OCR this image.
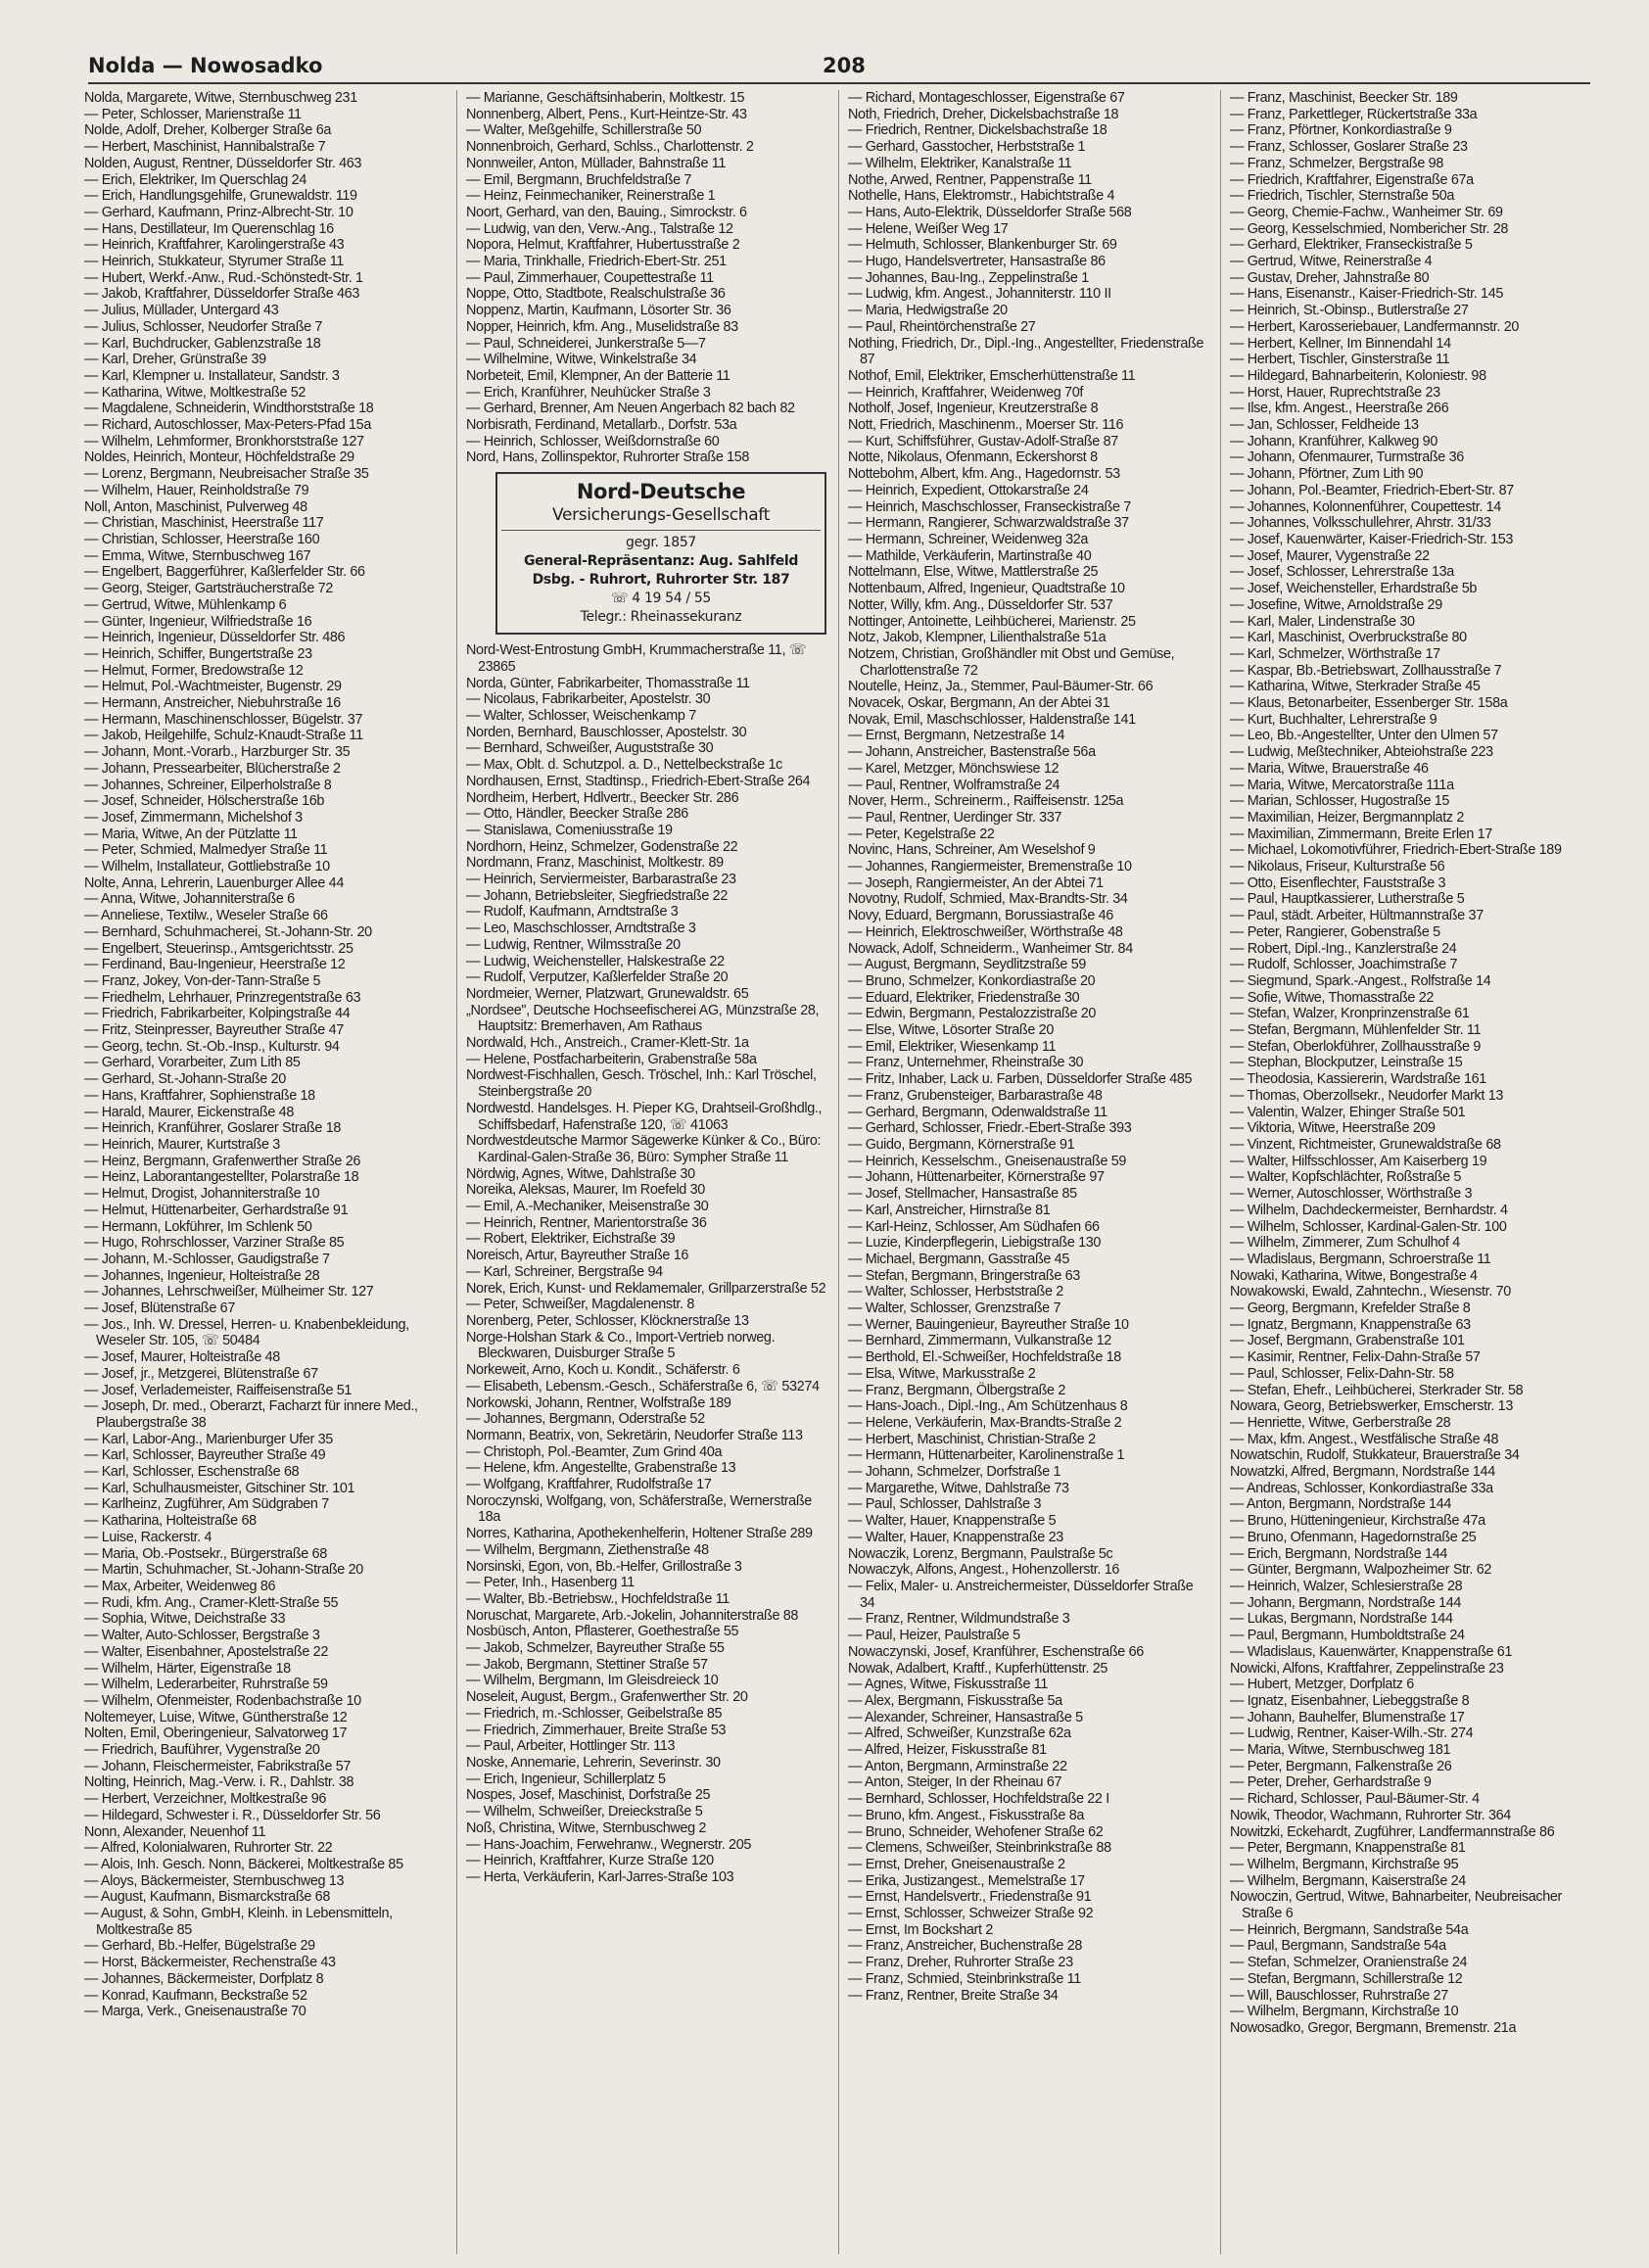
Nolda — Nowosadko	208
Nolda, Margarete, Witwe, Sternbuschweg 231
— Peter, Schlosser, Marienstraße 11
Nolde, Adolf, Dreher, Kolberger Straße 6a
— Herbert, Maschinist, Hannibalstraße 7
Nolden, August, Rentner, Düsseldorfer Str. 463
— Erich, Elektriker, Im Querschlag 24
— Erich, Handlungsgehilfe, Grunewaldstr. 119
— Gerhard, Kaufmann, Prinz-Albrecht-Str. 10
— Hans, Destillateur, Im Querenschlag 16
— Heinrich, Kraftfahrer, Karolingerstraße 43
— Heinrich, Stukkateur, Styrumer Straße 11
— Hubert, Werkf.-Anw., Rud.-Schönstedt-Str. 1
— Jakob, Kraftfahrer, Düsseldorfer Straße 463
— Julius, Müllader, Untergard 43
— Julius, Schlosser, Neudorfer Straße 7
— Karl, Buchdrucker, Gablenzstraße 18
— Karl, Dreher, Grünstraße 39
— Karl, Klempner u. Installateur, Sandstr. 3
— Katharina, Witwe, Moltkestraße 52
— Magdalene, Schneiderin, Windthorststraße 18
— Richard, Autoschlosser, Max-Peters-Pfad 15a
— Wilhelm, Lehmformer, Bronkhorststraße 127
Noldes, Heinrich, Monteur, Höchfeldstraße 29
— Lorenz, Bergmann, Neubreisacher Straße 35
— Wilhelm, Hauer, Reinholdstraße 79
Noll, Anton, Maschinist, Pulverweg 48
— Christian, Maschinist, Heerstraße 117
— Christian, Schlosser, Heerstraße 160
— Emma, Witwe, Sternbuschweg 167
— Engelbert, Baggerführer, Kaßlerfelder Str. 66
— Georg, Steiger, Gartsträucherstraße 72
— Gertrud, Witwe, Mühlenkamp 6
— Günter, Ingenieur, Wilfriedstraße 16
— Heinrich, Ingenieur, Düsseldorfer Str. 486
— Heinrich, Schiffer, Bungertstraße 23
— Helmut, Former, Bredowstraße 12
— Helmut, Pol.-Wachtmeister, Bugenstr. 29
— Hermann, Anstreicher, Niebuhrstraße 16
— Hermann, Maschinenschlosser, Bügelstr. 37
— Jakob, Heilgehilfe, Schulz-Knaudt-Straße 11
— Johann, Mont.-Vorarb., Harzburger Str. 35
— Johann, Pressearbeiter, Blücherstraße 2
— Johannes, Schreiner, Eilperholstraße 8
— Josef, Schneider, Hölscherstraße 16b
— Josef, Zimmermann, Michelshof 3
— Maria, Witwe, An der Pützlatte 11
— Peter, Schmied, Malmedyer Straße 11
— Wilhelm, Installateur, Gottliebstraße 10
Nolte, Anna, Lehrerin, Lauenburger Allee 44
— Anna, Witwe, Johanniterstraße 6
— Anneliese, Textilw., Weseler Straße 66
— Bernhard, Schuhmacherei, St.-Johann-Str. 20
— Engelbert, Steuerinsp., Amtsgerichtsstr. 25
— Ferdinand, Bau-Ingenieur, Heerstraße 12
— Franz, Jokey, Von-der-Tann-Straße 5
— Friedhelm, Lehrhauer, Prinzregentstraße 63
— Friedrich, Fabrikarbeiter, Kolpingstraße 44
— Fritz, Steinpresser, Bayreuther Straße 47
— Georg, techn. St.-Ob.-Insp., Kulturstr. 94
— Gerhard, Vorarbeiter, Zum Lith 85
— Gerhard, St.-Johann-Straße 20
— Hans, Kraftfahrer, Sophienstraße 18
— Harald, Maurer, Eickenstraße 48
— Heinrich, Kranführer, Goslarer Straße 18
— Heinrich, Maurer, Kurtstraße 3
— Heinz, Bergmann, Grafenwerther Straße 26
— Heinz, Laborantangestellter, Polarstraße 18
— Helmut, Drogist, Johanniterstraße 10
— Helmut, Hüttenarbeiter, Gerhardstraße 91
— Hermann, Lokführer, Im Schlenk 50
— Hugo, Rohrschlosser, Varziner Straße 85
— Johann, M.-Schlosser, Gaudigstraße 7
— Johannes, Ingenieur, Holteistraße 28
— Johannes, Lehrschweißer, Mülheimer Str. 127
— Josef, Blütenstraße 67
— Jos., Inh. W. Dressel, Herren- u. Knabenbekleidung, Weseler Str. 105, ☏ 50484
— Josef, Maurer, Holteistraße 48
— Josef, jr., Metzgerei, Blütenstraße 67
— Josef, Verlademeister, Raiffeisenstraße 51
— Joseph, Dr. med., Oberarzt, Facharzt für innere Med., Plaubergstraße 38
— Karl, Labor-Ang., Marienburger Ufer 35
— Karl, Schlosser, Bayreuther Straße 49
— Karl, Schlosser, Eschenstraße 68
— Karl, Schulhausmeister, Gitschiner Str. 101
— Karlheinz, Zugführer, Am Südgraben 7
— Katharina, Holteistraße 68
— Luise, Rackerstr. 4
— Maria, Ob.-Postsekr., Bürgerstraße 68
— Martin, Schuhmacher, St.-Johann-Straße 20
— Max, Arbeiter, Weidenweg 86
— Rudi, kfm. Ang., Cramer-Klett-Straße 55
— Sophia, Witwe, Deichstraße 33
— Walter, Auto-Schlosser, Bergstraße 3
— Walter, Eisenbahner, Apostelstraße 22
— Wilhelm, Härter, Eigenstraße 18
— Wilhelm, Lederarbeiter, Ruhrstraße 59
— Wilhelm, Ofenmeister, Rodenbachstraße 10
Noltemeyer, Luise, Witwe, Güntherstraße 12
Nolten, Emil, Oberingenieur, Salvatorweg 17
— Friedrich, Bauführer, Vygenstraße 20
— Johann, Fleischermeister, Fabrikstraße 57
Nolting, Heinrich, Mag.-Verw. i. R., Dahlstr. 38
— Herbert, Verzeichner, Moltkestraße 96
— Hildegard, Schwester i. R., Düsseldorfer Str. 56
Nonn, Alexander, Neuenhof 11
— Alfred, Kolonialwaren, Ruhrorter Str. 22
— Alois, Inh. Gesch. Nonn, Bäckerei, Moltkestraße 85
— Aloys, Bäckermeister, Sternbuschweg 13
— August, Kaufmann, Bismarckstraße 68
— August, & Sohn, GmbH, Kleinh. in Lebensmitteln, Moltkestraße 85
— Gerhard, Bb.-Helfer, Bügelstraße 29
— Horst, Bäckermeister, Rechenstraße 43
— Johannes, Bäckermeister, Dorfplatz 8
— Konrad, Kaufmann, Beckstraße 52
— Marga, Verk., Gneisenaustraße 70
— Marianne, Geschäftsinhaberin, Moltkestr. 15
Nonnenberg, Albert, Pens., Kurt-Heintze-Str. 43
— Walter, Meßgehilfe, Schillerstraße 50
Nonnenbroich, Gerhard, Schlss., Charlottenstr. 2
Nonnweiler, Anton, Müllader, Bahnstraße 11
— Emil, Bergmann, Bruchfeldstraße 7
— Heinz, Feinmechaniker, Reinerstraße 1
Noort, Gerhard, van den, Bauing., Simrockstr. 6
— Ludwig, van den, Verw.-Ang., Talstraße 12
Nopora, Helmut, Kraftfahrer, Hubertusstraße 2
— Maria, Trinkhalle, Friedrich-Ebert-Str. 251
— Paul, Zimmerhauer, Coupettestraße 11
Noppe, Otto, Stadtbote, Realschulstraße 36
Noppenz, Martin, Kaufmann, Lösorter Str. 36
Nopper, Heinrich, kfm. Ang., Muselidstraße 83
— Paul, Schneiderei, Junkerstraße 5—7
— Wilhelmine, Witwe, Winkelstraße 34
Norbeteit, Emil, Klempner, An der Batterie 11
— Erich, Kranführer, Neuhücker Straße 3
— Gerhard, Brenner, Am Neuen Angerbach 82 bach 82
Norbisrath, Ferdinand, Metallarb., Dorfstr. 53a
— Heinrich, Schlosser, Weißdornstraße 60
Nord, Hans, Zollinspektor, Ruhrorter Straße 158
Nord-Deutsche
Versicherungs-Gesellschaft
gegr. 1857
General-Repräsentanz: Aug. Sahlfeld
Dsbg. - Ruhrort, Ruhrorter Str. 187
☏ 4 19 54 / 55
Telegr.: Rheinassekuranz
Nord-West-Entrostung GmbH, Krummacherstraße 11, ☏ 23865
Norda, Günter, Fabrikarbeiter, Thomasstraße 11
— Nicolaus, Fabrikarbeiter, Apostelstr. 30
— Walter, Schlosser, Weischenkamp 7
Norden, Bernhard, Bauschlosser, Apostelstr. 30
— Bernhard, Schweißer, Auguststraße 30
— Max, Oblt. d. Schutzpol. a. D., Nettelbeckstraße 1c
Nordhausen, Ernst, Stadtinsp., Friedrich-Ebert-Straße 264
Nordheim, Herbert, Hdlvertr., Beecker Str. 286
— Otto, Händler, Beecker Straße 286
— Stanislawa, Comeniusstraße 19
Nordhorn, Heinz, Schmelzer, Godenstraße 22
Nordmann, Franz, Maschinist, Moltkestr. 89
— Heinrich, Serviermeister, Barbarastraße 23
— Johann, Betriebsleiter, Siegfriedstraße 22
— Rudolf, Kaufmann, Arndtstraße 3
— Leo, Maschschlosser, Arndtstraße 3
— Ludwig, Rentner, Wilmsstraße 20
— Ludwig, Weichensteller, Halskestraße 22
— Rudolf, Verputzer, Kaßlerfelder Straße 20
Nordmeier, Werner, Platzwart, Grunewaldstr. 65
„Nordsee", Deutsche Hochseefischerei AG, Münzstraße 28, Hauptsitz: Bremerhaven, Am Rathaus
Nordwald, Hch., Anstreich., Cramer-Klett-Str. 1a
— Helene, Postfacharbeiterin, Grabenstraße 58a
Nordwest-Fischhallen, Gesch. Tröschel, Inh.: Karl Tröschel, Steinbergstraße 20
Nordwestd. Handelsges. H. Pieper KG, Drahtseil-Großhdlg., Schiffsbedarf, Hafenstraße 120, ☏ 41063
Nordwestdeutsche Marmor Sägewerke Künker & Co., Büro: Kardinal-Galen-Straße 36, Büro: Sympher Straße 11
Nördwig, Agnes, Witwe, Dahlstraße 30
Noreika, Aleksas, Maurer, Im Roefeld 30
— Emil, A.-Mechaniker, Meisenstraße 30
— Heinrich, Rentner, Marientorstraße 36
— Robert, Elektriker, Eichstraße 39
Noreisch, Artur, Bayreuther Straße 16
— Karl, Schreiner, Bergstraße 94
Norek, Erich, Kunst- und Reklamemaler, Grillparzerstraße 52
— Peter, Schweißer, Magdalenenstr. 8
Norenberg, Peter, Schlosser, Klöcknerstraße 13
Norge-Holshan Stark & Co., Import-Vertrieb norweg. Bleckwaren, Duisburger Straße 5
Norkeweit, Arno, Koch u. Kondit., Schäferstr. 6
— Elisabeth, Lebensm.-Gesch., Schäferstraße 6, ☏ 53274
Norkowski, Johann, Rentner, Wolfstraße 189
— Johannes, Bergmann, Oderstraße 52
Normann, Beatrix, von, Sekretärin, Neudorfer Straße 113
— Christoph, Pol.-Beamter, Zum Grind 40a
— Helene, kfm. Angestellte, Grabenstraße 13
— Wolfgang, Kraftfahrer, Rudolfstraße 17
Noroczynski, Wolfgang, von, Schäferstraße, Wernerstraße 18a
Norres, Katharina, Apothekenhelferin, Holtener Straße 289
— Wilhelm, Bergmann, Ziethenstraße 48
Norsinski, Egon, von, Bb.-Helfer, Grillostraße 3
— Peter, Inh., Hasenberg 11
— Walter, Bb.-Betriebsw., Hochfeldstraße 11
Noruschat, Margarete, Arb.-Jokelin, Johanniterstraße 88
Nosbüsch, Anton, Pflasterer, Goethestraße 55
— Jakob, Schmelzer, Bayreuther Straße 55
— Jakob, Bergmann, Stettiner Straße 57
— Wilhelm, Bergmann, Im Gleisdreieck 10
Noseleit, August, Bergm., Grafenwerther Str. 20
— Friedrich, m.-Schlosser, Geibelstraße 85
— Friedrich, Zimmerhauer, Breite Straße 53
— Paul, Arbeiter, Hottlinger Str. 113
Noske, Annemarie, Lehrerin, Severinstr. 30
— Erich, Ingenieur, Schillerplatz 5
Nospes, Josef, Maschinist, Dorfstraße 25
— Wilhelm, Schweißer, Dreieckstraße 5
Noß, Christina, Witwe, Sternbuschweg 2
— Hans-Joachim, Ferwehranw., Wegnerstr. 205
— Heinrich, Kraftfahrer, Kurze Straße 120
— Herta, Verkäuferin, Karl-Jarres-Straße 103
— Richard, Montageschlosser, Eigenstraße 67
Noth, Friedrich, Dreher, Dickelsbachstraße 18
— Friedrich, Rentner, Dickelsbachstraße 18
— Gerhard, Gasstocher, Herbststraße 1
— Wilhelm, Elektriker, Kanalstraße 11
Nothe, Arwed, Rentner, Pappenstraße 11
Nothelle, Hans, Elektromstr., Habichtstraße 4
— Hans, Auto-Elektrik, Düsseldorfer Straße 568
— Helene, Weißer Weg 17
— Helmuth, Schlosser, Blankenburger Str. 69
— Hugo, Handelsvertreter, Hansastraße 86
— Johannes, Bau-Ing., Zeppelinstraße 1
— Ludwig, kfm. Angest., Johanniterstr. 110 II
— Maria, Hedwigstraße 20
— Paul, Rheintörchenstraße 27
Nothing, Friedrich, Dr., Dipl.-Ing., Angestellter, Friedenstraße 87
Nothof, Emil, Elektriker, Emscherhüttenstraße 11
— Heinrich, Kraftfahrer, Weidenweg 70f
Notholf, Josef, Ingenieur, Kreutzerstraße 8
Nott, Friedrich, Maschinenm., Moerser Str. 116
— Kurt, Schiffsführer, Gustav-Adolf-Straße 87
Notte, Nikolaus, Ofenmann, Eckershorst 8
Nottebohm, Albert, kfm. Ang., Hagedornstr. 53
— Heinrich, Expedient, Ottokarstraße 24
— Heinrich, Maschschlosser, Franseckistraße 7
— Hermann, Rangierer, Schwarzwaldstraße 37
— Hermann, Schreiner, Weidenweg 32a
— Mathilde, Verkäuferin, Martinstraße 40
Nottelmann, Else, Witwe, Mattlerstraße 25
Nottenbaum, Alfred, Ingenieur, Quadtstraße 10
Notter, Willy, kfm. Ang., Düsseldorfer Str. 537
Nottinger, Antoinette, Leihbücherei, Marienstr. 25
Notz, Jakob, Klempner, Lilienthalstraße 51a
Notzem, Christian, Großhändler mit Obst und Gemüse, Charlottenstraße 72
Noutelle, Heinz, Ja., Stemmer, Paul-Bäumer-Str. 66
Novacek, Oskar, Bergmann, An der Abtei 31
Novak, Emil, Maschschlosser, Haldenstraße 141
— Ernst, Bergmann, Netzestraße 14
— Johann, Anstreicher, Bastenstraße 56a
— Karel, Metzger, Mönchswiese 12
— Paul, Rentner, Wolframstraße 24
Nover, Herm., Schreinerm., Raiffeisenstr. 125a
— Paul, Rentner, Uerdinger Str. 337
— Peter, Kegelstraße 22
Novinc, Hans, Schreiner, Am Weselshof 9
— Johannes, Rangiermeister, Bremenstraße 10
— Joseph, Rangiermeister, An der Abtei 71
Novotny, Rudolf, Schmied, Max-Brandts-Str. 34
Novy, Eduard, Bergmann, Borussiastraße 46
— Heinrich, Elektroschweißer, Wörthstraße 48
Nowack, Adolf, Schneiderm., Wanheimer Str. 84
— August, Bergmann, Seydlitzstraße 59
— Bruno, Schmelzer, Konkordiastraße 20
— Eduard, Elektriker, Friedenstraße 30
— Edwin, Bergmann, Pestalozzistraße 20
— Else, Witwe, Lösorter Straße 20
— Emil, Elektriker, Wiesenkamp 11
— Franz, Unternehmer, Rheinstraße 30
— Fritz, Inhaber, Lack u. Farben, Düsseldorfer Straße 485
— Franz, Grubensteiger, Barbarastraße 48
— Gerhard, Bergmann, Odenwaldstraße 11
— Gerhard, Schlosser, Friedr.-Ebert-Straße 393
— Guido, Bergmann, Körnerstraße 91
— Heinrich, Kesselschm., Gneisenaustraße 59
— Johann, Hüttenarbeiter, Körnerstraße 97
— Josef, Stellmacher, Hansastraße 85
— Karl, Anstreicher, Hirnstraße 81
— Karl-Heinz, Schlosser, Am Südhafen 66
— Luzie, Kinderpflegerin, Liebigstraße 130
— Michael, Bergmann, Gasstraße 45
— Stefan, Bergmann, Bringerstraße 63
— Walter, Schlosser, Herbststraße 2
— Walter, Schlosser, Grenzstraße 7
— Werner, Bauingenieur, Bayreuther Straße 10
— Bernhard, Zimmermann, Vulkanstraße 12
— Berthold, El.-Schweißer, Hochfeldstraße 18
— Elsa, Witwe, Markusstraße 2
— Franz, Bergmann, Ölbergstraße 2
— Hans-Joach., Dipl.-Ing., Am Schützenhaus 8
— Helene, Verkäuferin, Max-Brandts-Straße 2
— Herbert, Maschinist, Christian-Straße 2
— Hermann, Hüttenarbeiter, Karolinenstraße 1
— Johann, Schmelzer, Dorfstraße 1
— Margarethe, Witwe, Dahlstraße 73
— Paul, Schlosser, Dahlstraße 3
— Walter, Hauer, Knappenstraße 5
— Walter, Hauer, Knappenstraße 23
Nowaczik, Lorenz, Bergmann, Paulstraße 5c
Nowaczyk, Alfons, Angest., Hohenzollerstr. 16
— Felix, Maler- u. Anstreichermeister, Düsseldorfer Straße 34
— Franz, Rentner, Wildmundstraße 3
— Paul, Heizer, Paulstraße 5
Nowaczynski, Josef, Kranführer, Eschenstraße 66
Nowak, Adalbert, Kraftf., Kupferhüttenstr. 25
— Agnes, Witwe, Fiskusstraße 11
— Alex, Bergmann, Fiskusstraße 5a
— Alexander, Schreiner, Hansastraße 5
— Alfred, Schweißer, Kunzstraße 62a
— Alfred, Heizer, Fiskusstraße 81
— Anton, Bergmann, Arminstraße 22
— Anton, Steiger, In der Rheinau 67
— Bernhard, Schlosser, Hochfeldstraße 22 I
— Bruno, kfm. Angest., Fiskusstraße 8a
— Bruno, Schneider, Wehofener Straße 62
— Clemens, Schweißer, Steinbrinkstraße 88
— Ernst, Dreher, Gneisenaustraße 2
— Erika, Justizangest., Memelstraße 17
— Ernst, Handelsvertr., Friedenstraße 91
— Ernst, Schlosser, Schweizer Straße 92
— Ernst, Im Bockshart 2
— Franz, Anstreicher, Buchenstraße 28
— Franz, Dreher, Ruhrorter Straße 23
— Franz, Schmied, Steinbrinkstraße 11
— Franz, Rentner, Breite Straße 34
— Franz, Maschinist, Beecker Str. 189
— Franz, Parkettleger, Rückertstraße 33a
— Franz, Pförtner, Konkordiastraße 9
— Franz, Schlosser, Goslarer Straße 23
— Franz, Schmelzer, Bergstraße 98
— Friedrich, Kraftfahrer, Eigenstraße 67a
— Friedrich, Tischler, Sternstraße 50a
— Georg, Chemie-Fachw., Wanheimer Str. 69
— Georg, Kesselschmied, Nombericher Str. 28
— Gerhard, Elektriker, Franseckistraße 5
— Gertrud, Witwe, Reinerstraße 4
— Gustav, Dreher, Jahnstraße 80
— Hans, Eisenanstr., Kaiser-Friedrich-Str. 145
— Heinrich, St.-Obinsp., Butlerstraße 27
— Herbert, Karosseriebauer, Landfermannstr. 20
— Herbert, Kellner, Im Binnendahl 14
— Herbert, Tischler, Ginsterstraße 11
— Hildegard, Bahnarbeiterin, Koloniestr. 98
— Horst, Hauer, Ruprechtstraße 23
— Ilse, kfm. Angest., Heerstraße 266
— Jan, Schlosser, Feldheide 13
— Johann, Kranführer, Kalkweg 90
— Johann, Ofenmaurer, Turmstraße 36
— Johann, Pförtner, Zum Lith 90
— Johann, Pol.-Beamter, Friedrich-Ebert-Str. 87
— Johannes, Kolonnenführer, Coupettestr. 14
— Johannes, Volksschullehrer, Ahrstr. 31/33
— Josef, Kauenwärter, Kaiser-Friedrich-Str. 153
— Josef, Maurer, Vygenstraße 22
— Josef, Schlosser, Lehrerstraße 13a
— Josef, Weichensteller, Erhardstraße 5b
— Josefine, Witwe, Arnoldstraße 29
— Karl, Maler, Lindenstraße 30
— Karl, Maschinist, Overbruckstraße 80
— Karl, Schmelzer, Wörthstraße 17
— Kaspar, Bb.-Betriebswart, Zollhausstraße 7
— Katharina, Witwe, Sterkrader Straße 45
— Klaus, Betonarbeiter, Essenberger Str. 158a
— Kurt, Buchhalter, Lehrerstraße 9
— Leo, Bb.-Angestellter, Unter den Ulmen 57
— Ludwig, Meßtechniker, Abteiohstraße 223
— Maria, Witwe, Brauerstraße 46
— Maria, Witwe, Mercatorstraße 111a
— Marian, Schlosser, Hugostraße 15
— Maximilian, Heizer, Bergmannplatz 2
— Maximilian, Zimmermann, Breite Erlen 17
— Michael, Lokomotivführer, Friedrich-Ebert-Straße 189
— Nikolaus, Friseur, Kulturstraße 56
— Otto, Eisenflechter, Fauststraße 3
— Paul, Hauptkassierer, Lutherstraße 5
— Paul, städt. Arbeiter, Hültmannstraße 37
— Peter, Rangierer, Gobenstraße 5
— Robert, Dipl.-Ing., Kanzlerstraße 24
— Rudolf, Schlosser, Joachimstraße 7
— Siegmund, Spark.-Angest., Rolfstraße 14
— Sofie, Witwe, Thomasstraße 22
— Stefan, Walzer, Kronprinzenstraße 61
— Stefan, Bergmann, Mühlenfelder Str. 11
— Stefan, Oberlokführer, Zollhausstraße 9
— Stephan, Blockputzer, Leinstraße 15
— Theodosia, Kassiererin, Wardstraße 161
— Thomas, Oberzollsekr., Neudorfer Markt 13
— Valentin, Walzer, Ehinger Straße 501
— Viktoria, Witwe, Heerstraße 209
— Vinzent, Richtmeister, Grunewaldstraße 68
— Walter, Hilfsschlosser, Am Kaiserberg 19
— Walter, Kopfschlächter, Roßstraße 5
— Werner, Autoschlosser, Wörthstraße 3
— Wilhelm, Dachdeckermeister, Bernhardstr. 4
— Wilhelm, Schlosser, Kardinal-Galen-Str. 100
— Wilhelm, Zimmerer, Zum Schulhof 4
— Wladislaus, Bergmann, Schroerstraße 11
Nowaki, Katharina, Witwe, Bongestraße 4
Nowakowski, Ewald, Zahntechn., Wiesenstr. 70
— Georg, Bergmann, Krefelder Straße 8
— Ignatz, Bergmann, Knappenstraße 63
— Josef, Bergmann, Grabenstraße 101
— Kasimir, Rentner, Felix-Dahn-Straße 57
— Paul, Schlosser, Felix-Dahn-Str. 58
— Stefan, Ehefr., Leihbücherei, Sterkrader Str. 58
Nowara, Georg, Betriebswerker, Emscherstr. 13
— Henriette, Witwe, Gerberstraße 28
— Max, kfm. Angest., Westfälische Straße 48
Nowatschin, Rudolf, Stukkateur, Brauerstraße 34
Nowatzki, Alfred, Bergmann, Nordstraße 144
— Andreas, Schlosser, Konkordiastraße 33a
— Anton, Bergmann, Nordstraße 144
— Bruno, Hütteningenieur, Kirchstraße 47a
— Bruno, Ofenmann, Hagedornstraße 25
— Erich, Bergmann, Nordstraße 144
— Günter, Bergmann, Walpozheimer Str. 62
— Heinrich, Walzer, Schlesierstraße 28
— Johann, Bergmann, Nordstraße 144
— Lukas, Bergmann, Nordstraße 144
— Paul, Bergmann, Humboldtstraße 24
— Wladislaus, Kauenwärter, Knappenstraße 61
Nowicki, Alfons, Kraftfahrer, Zeppelinstraße 23
— Hubert, Metzger, Dorfplatz 6
— Ignatz, Eisenbahner, Liebeggstraße 8
— Johann, Bauhelfer, Blumenstraße 17
— Ludwig, Rentner, Kaiser-Wilh.-Str. 274
— Maria, Witwe, Sternbuschweg 181
— Peter, Bergmann, Falkenstraße 26
— Peter, Dreher, Gerhardstraße 9
— Richard, Schlosser, Paul-Bäumer-Str. 4
Nowik, Theodor, Wachmann, Ruhrorter Str. 364
Nowitzki, Eckehardt, Zugführer, Landfermannstraße 86
— Peter, Bergmann, Knappenstraße 81
— Wilhelm, Bergmann, Kirchstraße 95
— Wilhelm, Bergmann, Kaiserstraße 24
Nowoczin, Gertrud, Witwe, Bahnarbeiter, Neubreisacher Straße 6
— Heinrich, Bergmann, Sandstraße 54a
— Paul, Bergmann, Sandstraße 54a
— Stefan, Schmelzer, Oranienstraße 24
— Stefan, Bergmann, Schillerstraße 12
— Will, Bauschlosser, Ruhrstraße 27
— Wilhelm, Bergmann, Kirchstraße 10
Nowosadko, Gregor, Bergmann, Bremenstr. 21a
